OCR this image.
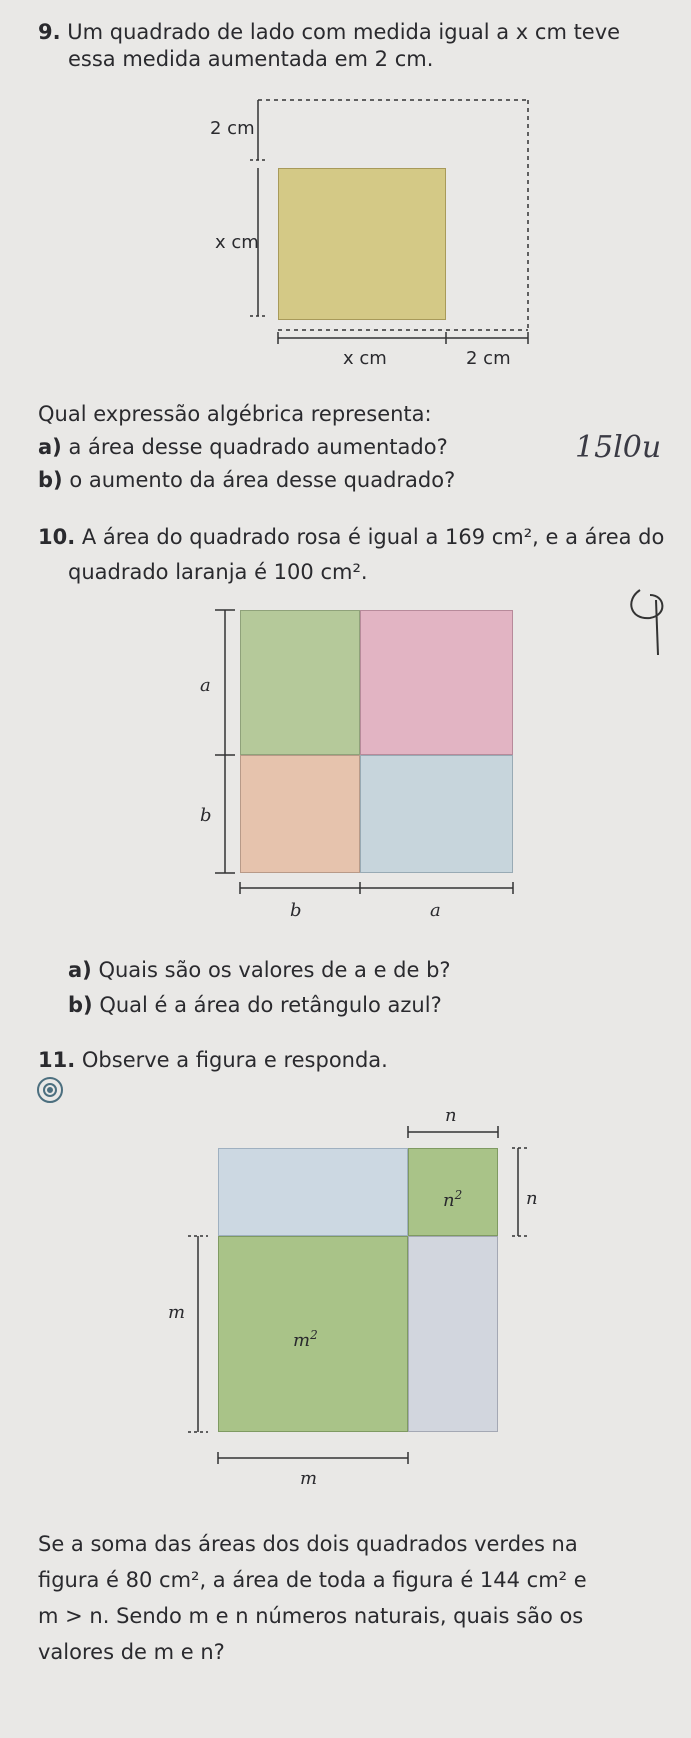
9. Um quadrado de lado com medida igual a x cm teve
essa medida aumentada em 2 cm.
2 cm
x cm
x cm	2 cm
Qual expressão algébrica representa:
a) a área desse quadrado aumentado?
b) o aumento da área desse quadrado?
15l0u
10. A área do quadrado rosa é igual a 169 cm², e a área do
quadrado laranja é 100 cm².
a
b
b	a
a) Quais são os valores de a e de b?
b) Qual é a área do retângulo azul?
11. Observe a figura e responda.
n
$n^2$	n
m
$m^2$
m
Se a soma das áreas dos dois quadrados verdes na
figura é 80 cm², a área de toda a figura é 144 cm² e
m > n. Sendo m e n números naturais, quais são os
valores de m e n?
